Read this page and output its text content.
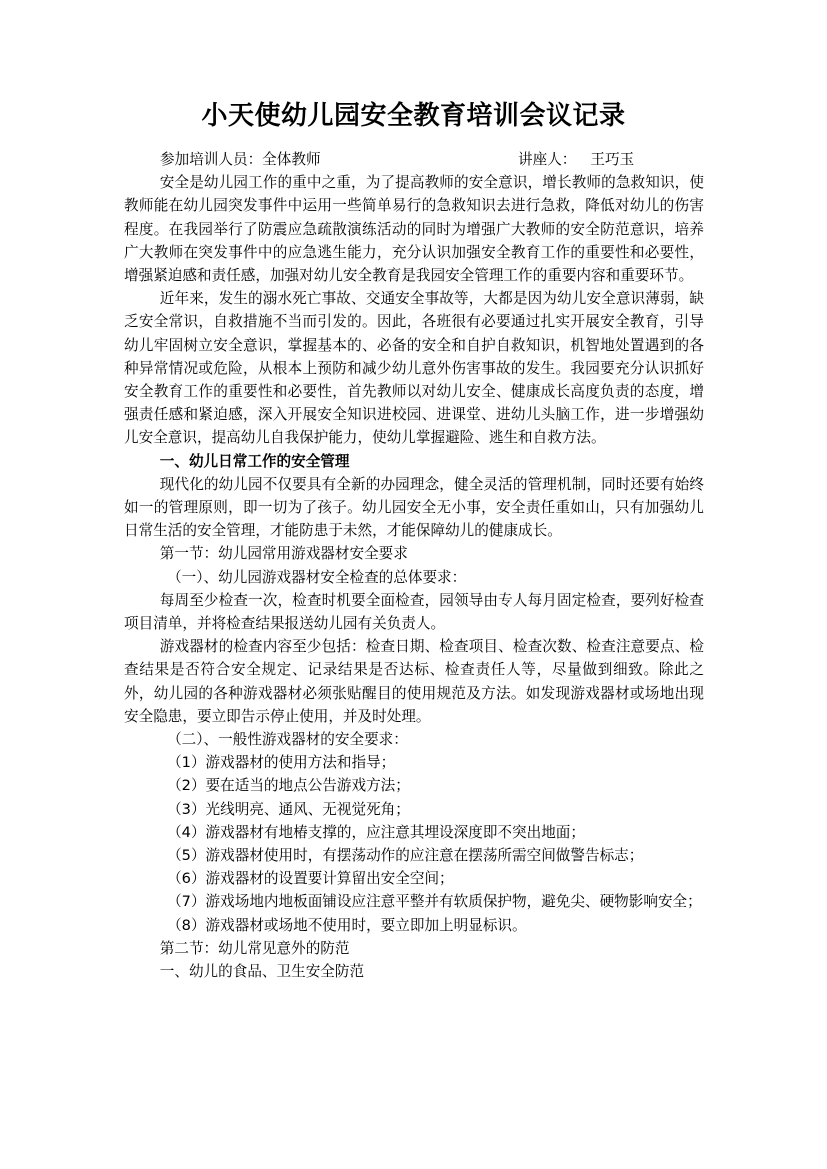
小天使幼儿园安全教育培训会议记录
参加培训人员：全体教师	讲座人： 王巧玉

安全是幼儿园工作的重中之重，为了提高教师的安全意识，增长教师的急救知识，使教师能在幼儿园突发事件中运用一些简单易行的急救知识去进行急救，降低对幼儿的伤害程度。在我园举行了防震应急疏散演练活动的同时为增强广大教师的安全防范意识，培养广大教师在突发事件中的应急逃生能力，充分认识加强安全教育工作的重要性和必要性，增强紧迫感和责任感，加强对幼儿安全教育是我园安全管理工作的重要内容和重要环节。

近年来，发生的溺水死亡事故、交通安全事故等，大都是因为幼儿安全意识薄弱，缺乏安全常识，自救措施不当而引发的。因此，各班很有必要通过扎实开展安全教育，引导幼儿牢固树立安全意识，掌握基本的、必备的安全和自护自救知识，机智地处置遇到的各种异常情况或危险，从根本上预防和减少幼儿意外伤害事故的发生。我园要充分认识抓好安全教育工作的重要性和必要性，首先教师以对幼儿安全、健康成长高度负责的态度，增强责任感和紧迫感，深入开展安全知识进校园、进课堂、进幼儿头脑工作，进一步增强幼儿安全意识，提高幼儿自我保护能力，使幼儿掌握避险、逃生和自救方法。

一、幼儿日常工作的安全管理

现代化的幼儿园不仅要具有全新的办园理念，健全灵活的管理机制，同时还要有始终如一的管理原则，即一切为了孩子。幼儿园安全无小事，安全责任重如山，只有加强幼儿日常生活的安全管理，才能防患于未然，才能保障幼儿的健康成长。

第一节：幼儿园常用游戏器材安全要求

（一）、幼儿园游戏器材安全检查的总体要求：

每周至少检查一次，检查时机要全面检查，园领导由专人每月固定检查，要列好检查项目清单，并将检查结果报送幼儿园有关负责人。

游戏器材的检查内容至少包括：检查日期、检查项目、检查次数、检查注意要点、检查结果是否符合安全规定、记录结果是否达标、检查责任人等，尽量做到细致。除此之外，幼儿园的各种游戏器材必须张贴醒目的使用规范及方法。如发现游戏器材或场地出现安全隐患，要立即告示停止使用，并及时处理。

（二）、一般性游戏器材的安全要求：

（1）游戏器材的使用方法和指导；

（2）要在适当的地点公告游戏方法；

（3）光线明亮、通风、无视觉死角；

（4）游戏器材有地椿支撑的，应注意其埋设深度即不突出地面；

（5）游戏器材使用时，有摆荡动作的应注意在摆荡所需空间做警告标志；

（6）游戏器材的设置要计算留出安全空间；

（7）游戏场地内地板面铺设应注意平整并有软质保护物，避免尖、硬物影响安全；

（8）游戏器材或场地不使用时，要立即加上明显标识。

第二节：幼儿常见意外的防范

一、幼儿的食品、卫生安全防范
